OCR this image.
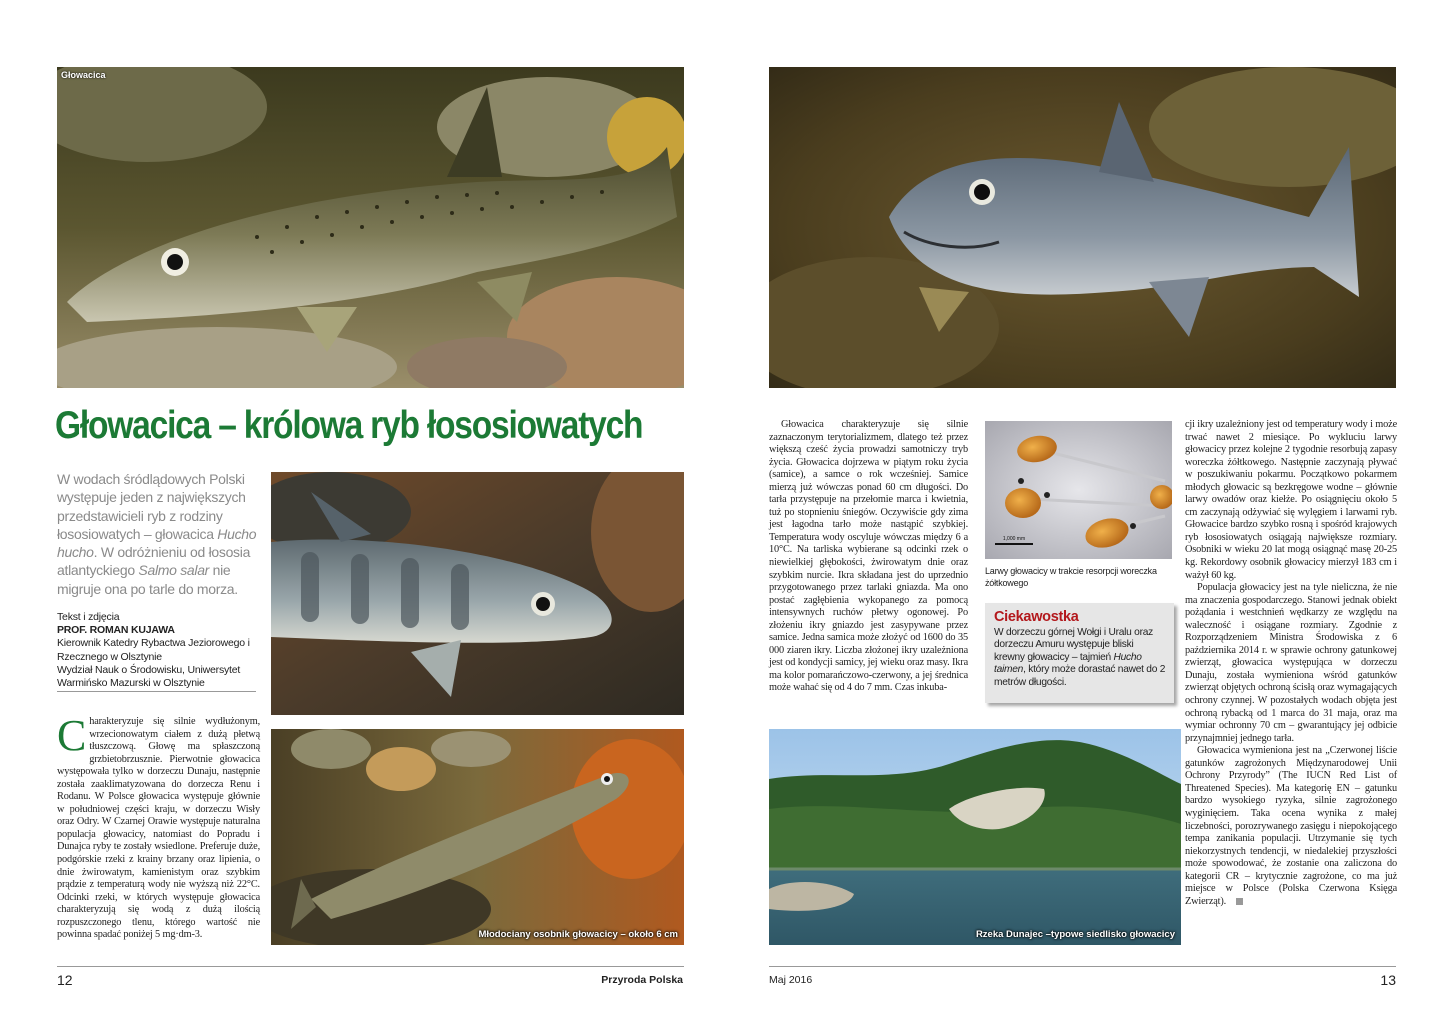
Głowacica
Głowacica – królowa ryb łososiowatych
W wodach śródlądowych Polski występuje jeden z największych przedstawicieli ryb z rodziny łososiowatych – głowacica Hucho hucho. W odróżnieniu od łososia atlantyckiego Salmo salar nie migruje ona po tarle do morza.
Tekst i zdjęcia
PROF. ROMAN KUJAWA
Kierownik Katedry Rybactwa Jeziorowego i Rzecznego w Olsztynie
Wydział Nauk o Środowisku, Uniwersytet Warmińsko Mazurski w Olsztynie

Charakteryzuje się silnie wydłużonym, wrzecionowatym ciałem z dużą płetwą tłuszczową. Głowę ma spłaszczoną grzbietobrzusznie. Pierwotnie głowacica występowała tylko w dorzeczu Dunaju, następnie została zaaklimatyzowana do dorzecza Renu i Rodanu. W Polsce głowacica występuje głównie w południowej części kraju, w dorzeczu Wisły oraz Odry. W Czarnej Orawie występuje naturalna populacja głowacicy, natomiast do Popradu i Dunajca ryby te zostały wsiedlone. Preferuje duże, podgórskie rzeki z krainy brzany oraz lipienia, o dnie żwirowatym, kamienistym oraz szybkim prądzie z temperaturą wody nie wyższą niż 22°C. Odcinki rzeki, w których występuje głowacica charakteryzują się wodą z dużą ilością rozpuszczonego tlenu, którego wartość nie powinna spadać poniżej 5 mg·dm-3.	Młodociany osobnik głowacicy – około 6 cm
12	Przyroda Polska

Głowacica charakteryzuje się silnie zaznaczonym terytorializmem, dlatego też przez większą cześć życia prowadzi samotniczy tryb życia. Głowacica dojrzewa w piątym roku życia (samice), a samce o rok wcześniej. Samice mierzą już wówczas ponad 60 cm długości. Do tarła przystępuje na przełomie marca i kwietnia, tuż po stopnieniu śniegów. Oczywiście gdy zima jest łagodna tarło może nastąpić szybkiej. Temperatura wody oscyluje wówczas między 6 a 10°C. Na tarliska wybierane są odcinki rzek o niewielkiej głębokości, żwirowatym dnie oraz szybkim nurcie. Ikra składana jest do uprzednio przygotowanego przez tarlaki gniazda. Ma ono postać zagłębienia wykopanego za pomocą intensywnych ruchów płetwy ogonowej. Po złożeniu ikry gniazdo jest zasypywane przez samice. Jedna samica może złożyć od 1600 do 35 000 ziaren ikry. Liczba złożonej ikry uzależniona jest od kondycji samicy, jej wieku oraz masy. Ikra ma kolor pomarańczowo-czerwony, a jej średnica może wahać się od 4 do 7 mm. Czas inkuba-

1,000 mm
Larwy głowacicy w trakcie resorpcji woreczka żółtkowego
Ciekawostka
W dorzeczu górnej Wołgi i Uralu oraz dorzeczu Amuru występuje bliski krewny głowacicy – tajmień Hucho taimen, który może dorastać nawet do 2 metrów długości.

cji ikry uzależniony jest od temperatury wody i może trwać nawet 2 miesiące. Po wykluciu larwy głowacicy przez kolejne 2 tygodnie resorbują zapasy woreczka żółtkowego. Następnie zaczynają pływać w poszukiwaniu pokarmu. Początkowo pokarmem młodych głowacic są bezkręgowe wodne – głównie larwy owadów oraz kiełże. Po osiągnięciu około 5 cm zaczynają odżywiać się wylęgiem i larwami ryb. Głowacice bardzo szybko rosną i spośród krajowych ryb łososiowatych osiągają największe rozmiary. Osobniki w wieku 20 lat mogą osiągnąć masę 20-25 kg. Rekordowy osobnik głowacicy mierzył 183 cm i ważył 60 kg.

Populacja głowacicy jest na tyle nieliczna, że nie ma znaczenia gospodarczego. Stanowi jednak obiekt pożądania i westchnień wędkarzy ze względu na waleczność i osiągane rozmiary. Zgodnie z Rozporządzeniem Ministra Środowiska z 6 października 2014 r. w sprawie ochrony gatunkowej zwierząt, głowacica występująca w dorzeczu Dunaju, została wymieniona wśród gatunków zwierząt objętych ochroną ścisłą oraz wymagających ochrony czynnej. W pozostałych wodach objęta jest ochroną rybacką od 1 marca do 31 maja, oraz ma wymiar ochronny 70 cm – gwarantujący jej odbicie przynajmniej jednego tarła.

Głowacica wymieniona jest na „Czerwonej liście gatunków zagrożonych Międzynarodowej Unii Ochrony Przyrody” (The IUCN Red List of Threatened Species). Ma kategorię EN – gatunku bardzo wysokiego ryzyka, silnie zagrożonego wyginięciem. Taka ocena wynika z małej liczebności, porozrywanego zasięgu i niepokojącego tempa zanikania populacji. Utrzymanie się tych niekorzystnych tendencji, w niedalekiej przyszłości może spowodować, że zostanie ona zaliczona do kategorii CR – krytycznie zagrożone, co ma już miejsce w Polsce (Polska Czerwona Księga Zwierząt).

Rzeka Dunajec –typowe siedlisko głowacicy
Maj 2016	13
